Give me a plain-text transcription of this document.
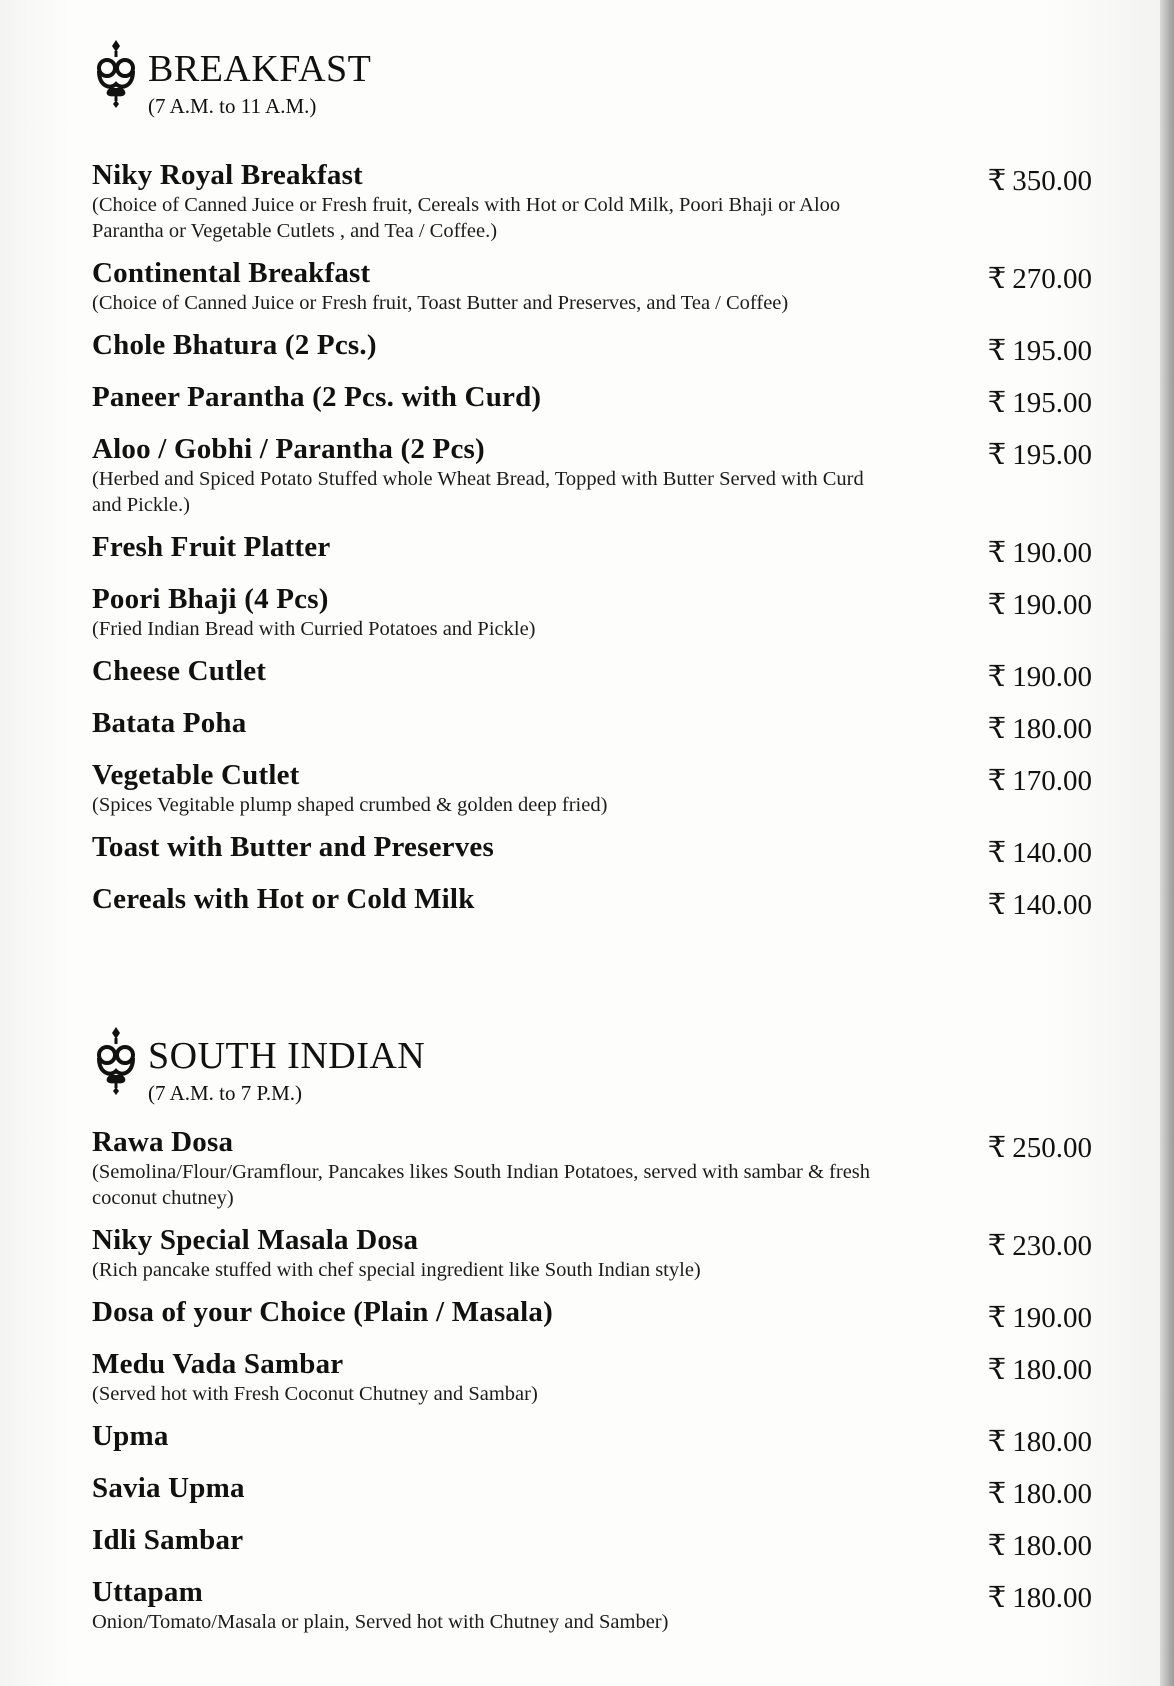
BREAKFAST
(7 A.M. to 11 A.M.)
Niky Royal Breakfast
(Choice of Canned Juice or Fresh fruit, Cereals with Hot or Cold Milk, Poori Bhaji or Aloo Parantha or Vegetable Cutlets , and Tea / Coffee.)
₹ 350.00
Continental Breakfast
(Choice of Canned Juice or Fresh fruit, Toast Butter and Preserves, and Tea / Coffee)
₹ 270.00
Chole Bhatura (2 Pcs.)	₹ 195.00
Paneer Parantha (2 Pcs. with Curd)	₹ 195.00
Aloo / Gobhi / Parantha (2 Pcs)
(Herbed and Spiced Potato Stuffed whole Wheat Bread, Topped with Butter Served with Curd and Pickle.)
₹ 195.00
Fresh Fruit Platter	₹ 190.00
Poori Bhaji (4 Pcs)
(Fried Indian Bread with Curried Potatoes and Pickle)
₹ 190.00
Cheese Cutlet	₹ 190.00
Batata Poha	₹ 180.00
Vegetable Cutlet
(Spices Vegitable plump shaped crumbed & golden deep fried)
₹ 170.00
Toast with Butter and Preserves	₹ 140.00
Cereals with Hot or Cold Milk	₹ 140.00
SOUTH INDIAN
(7 A.M. to 7 P.M.)
Rawa Dosa
(Semolina/Flour/Gramflour, Pancakes likes South Indian Potatoes, served with sambar & fresh coconut chutney)
₹ 250.00
Niky Special Masala Dosa
(Rich pancake stuffed with chef special ingredient like South Indian style)
₹ 230.00
Dosa of your Choice (Plain / Masala)	₹ 190.00
Medu Vada Sambar
(Served hot with Fresh Coconut Chutney and Sambar)
₹ 180.00
Upma	₹ 180.00
Savia Upma	₹ 180.00
Idli Sambar	₹ 180.00
Uttapam
Onion/Tomato/Masala or plain, Served hot with Chutney and Samber)
₹ 180.00
